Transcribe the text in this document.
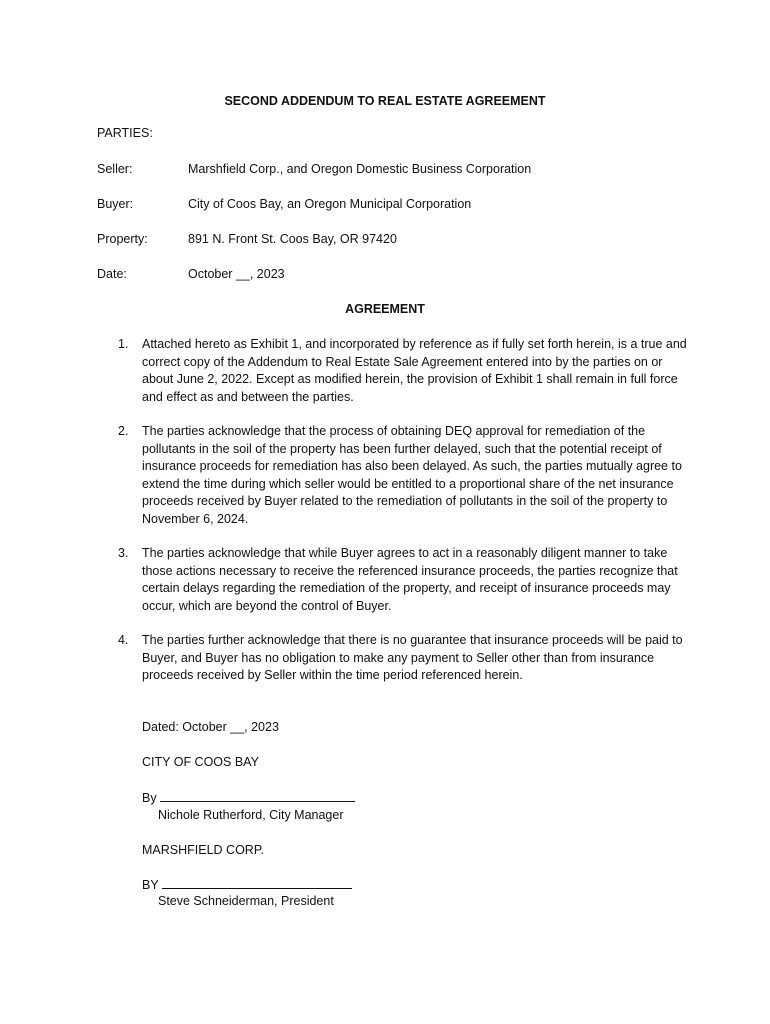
SECOND ADDENDUM TO REAL ESTATE AGREEMENT
PARTIES:
Seller:	Marshfield Corp., and Oregon Domestic Business Corporation
Buyer:	City of Coos Bay, an Oregon Municipal Corporation
Property:	891 N. Front St. Coos Bay, OR 97420
Date:	October __, 2023
AGREEMENT
1. Attached hereto as Exhibit 1, and incorporated by reference as if fully set forth herein, is a true and correct copy of the Addendum to Real Estate Sale Agreement entered into by the parties on or about June 2, 2022. Except as modified herein, the provision of Exhibit 1 shall remain in full force and effect as and between the parties.
2. The parties acknowledge that the process of obtaining DEQ approval for remediation of the pollutants in the soil of the property has been further delayed, such that the potential receipt of insurance proceeds for remediation has also been delayed. As such, the parties mutually agree to extend the time during which seller would be entitled to a proportional share of the net insurance proceeds received by Buyer related to the remediation of pollutants in the soil of the property to November 6, 2024.
3. The parties acknowledge that while Buyer agrees to act in a reasonably diligent manner to take those actions necessary to receive the referenced insurance proceeds, the parties recognize that certain delays regarding the remediation of the property, and receipt of insurance proceeds may occur, which are beyond the control of Buyer.
4. The parties further acknowledge that there is no guarantee that insurance proceeds will be paid to Buyer, and Buyer has no obligation to make any payment to Seller other than from insurance proceeds received by Seller within the time period referenced herein.
Dated: October __, 2023
CITY OF COOS BAY
By
Nichole Rutherford, City Manager
MARSHFIELD CORP.
BY
Steve Schneiderman, President
